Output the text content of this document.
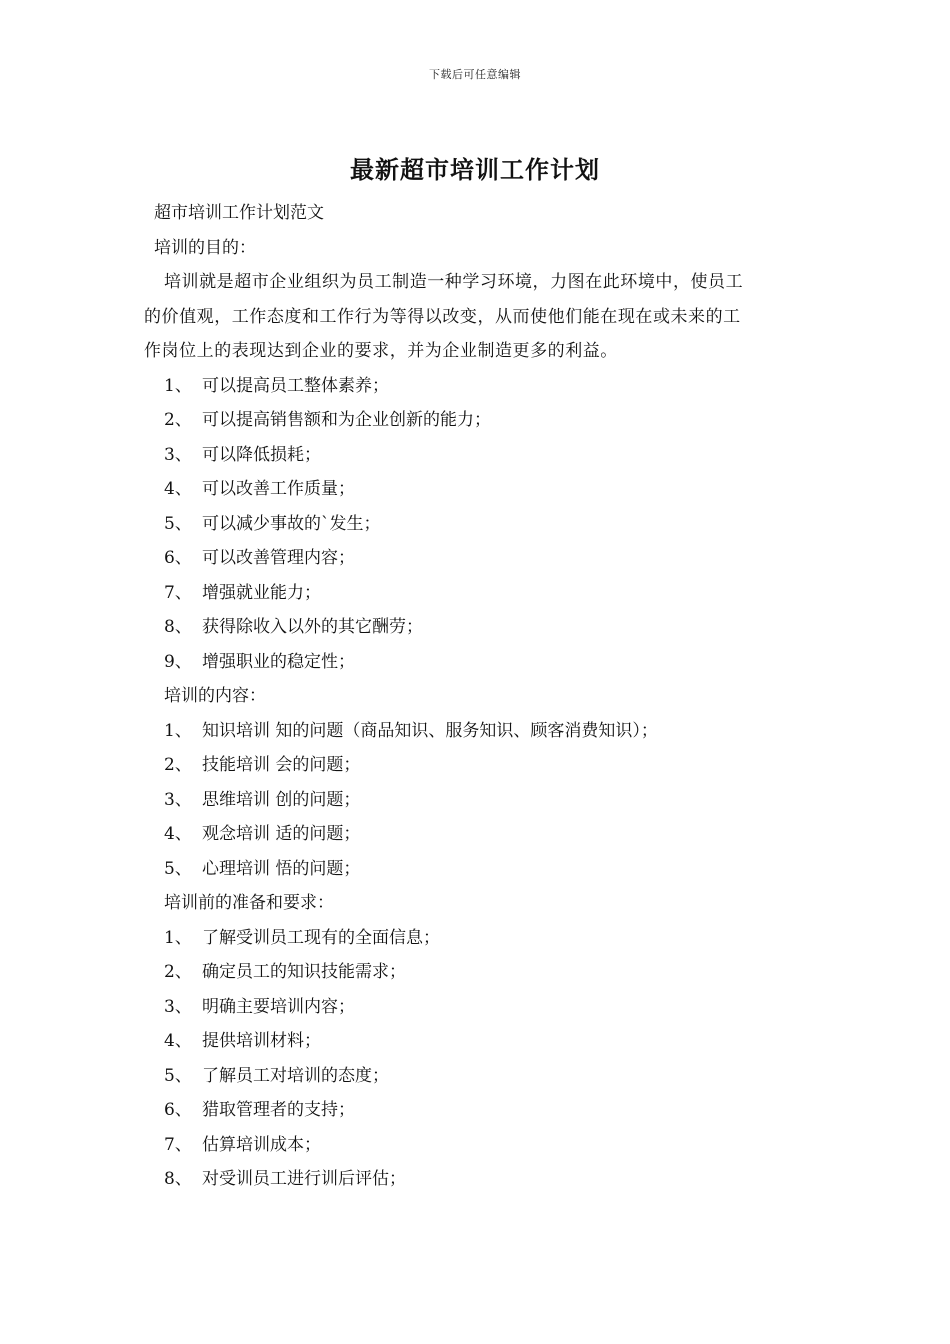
下载后可任意编辑
最新超市培训工作计划
超市培训工作计划范文
培训的目的：
培训就是超市企业组织为员工制造一种学习环境，力图在此环境中，使员工
的价值观，工作态度和工作行为等得以改变，从而使他们能在现在或未来的工
作岗位上的表现达到企业的要求，并为企业制造更多的利益。
1、 可以提高员工整体素养；
2、 可以提高销售额和为企业创新的能力；
3、 可以降低损耗；
4、 可以改善工作质量；
5、 可以减少事故的`发生；
6、 可以改善管理内容；
7、 增强就业能力；
8、 获得除收入以外的其它酬劳；
9、 增强职业的稳定性；
培训的内容：
1、 知识培训 知的问题（商品知识、服务知识、顾客消费知识）；
2、 技能培训 会的问题；
3、 思维培训 创的问题；
4、 观念培训 适的问题；
5、 心理培训 悟的问题；
培训前的准备和要求：
1、 了解受训员工现有的全面信息；
2、 确定员工的知识技能需求；
3、 明确主要培训内容；
4、 提供培训材料；
5、 了解员工对培训的态度；
6、 猎取管理者的支持；
7、 估算培训成本；
8、 对受训员工进行训后评估；
